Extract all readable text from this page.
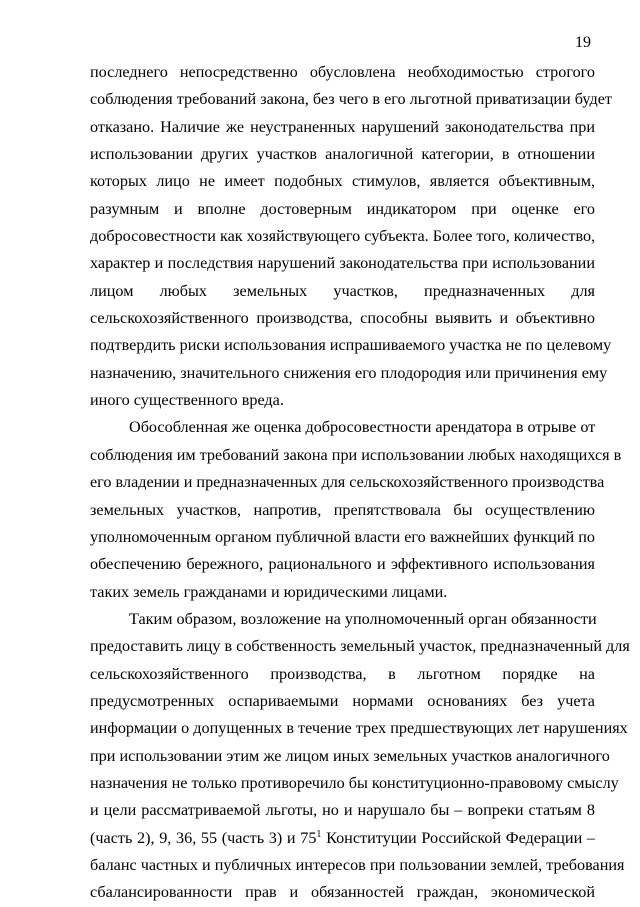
19
последнего непосредственно обусловлена необходимостью строгого
соблюдения требований закона, без чего в его льготной приватизации будет
отказано. Наличие же неустраненных нарушений законодательства при
использовании других участков аналогичной категории, в отношении
которых лицо не имеет подобных стимулов, является объективным,
разумным и вполне достоверным индикатором при оценке его
добросовестности как хозяйствующего субъекта. Более того, количество,
характер и последствия нарушений законодательства при использовании
лицом любых земельных участков, предназначенных для
сельскохозяйственного производства, способны выявить и объективно
подтвердить риски использования испрашиваемого участка не по целевому
назначению, значительного снижения его плодородия или причинения ему
иного существенного вреда.
Обособленная же оценка добросовестности арендатора в отрыве от
соблюдения им требований закона при использовании любых находящихся в
его владении и предназначенных для сельскохозяйственного производства
земельных участков, напротив, препятствовала бы осуществлению
уполномоченным органом публичной власти его важнейших функций по
обеспечению бережного, рационального и эффективного использования
таких земель гражданами и юридическими лицами.
Таким образом, возложение на уполномоченный орган обязанности
предоставить лицу в собственность земельный участок, предназначенный для
сельскохозяйственного производства, в льготном порядке на
предусмотренных оспариваемыми нормами основаниях без учета
информации о допущенных в течение трех предшествующих лет нарушениях
при использовании этим же лицом иных земельных участков аналогичного
назначения не только противоречило бы конституционно-правовому смыслу
и цели рассматриваемой льготы, но и нарушало бы – вопреки статьям 8
(часть 2), 9, 36, 55 (часть 3) и $75^1$ Конституции Российской Федерации –
баланс частных и публичных интересов при пользовании землей, требования
сбалансированности прав и обязанностей граждан, экономической
